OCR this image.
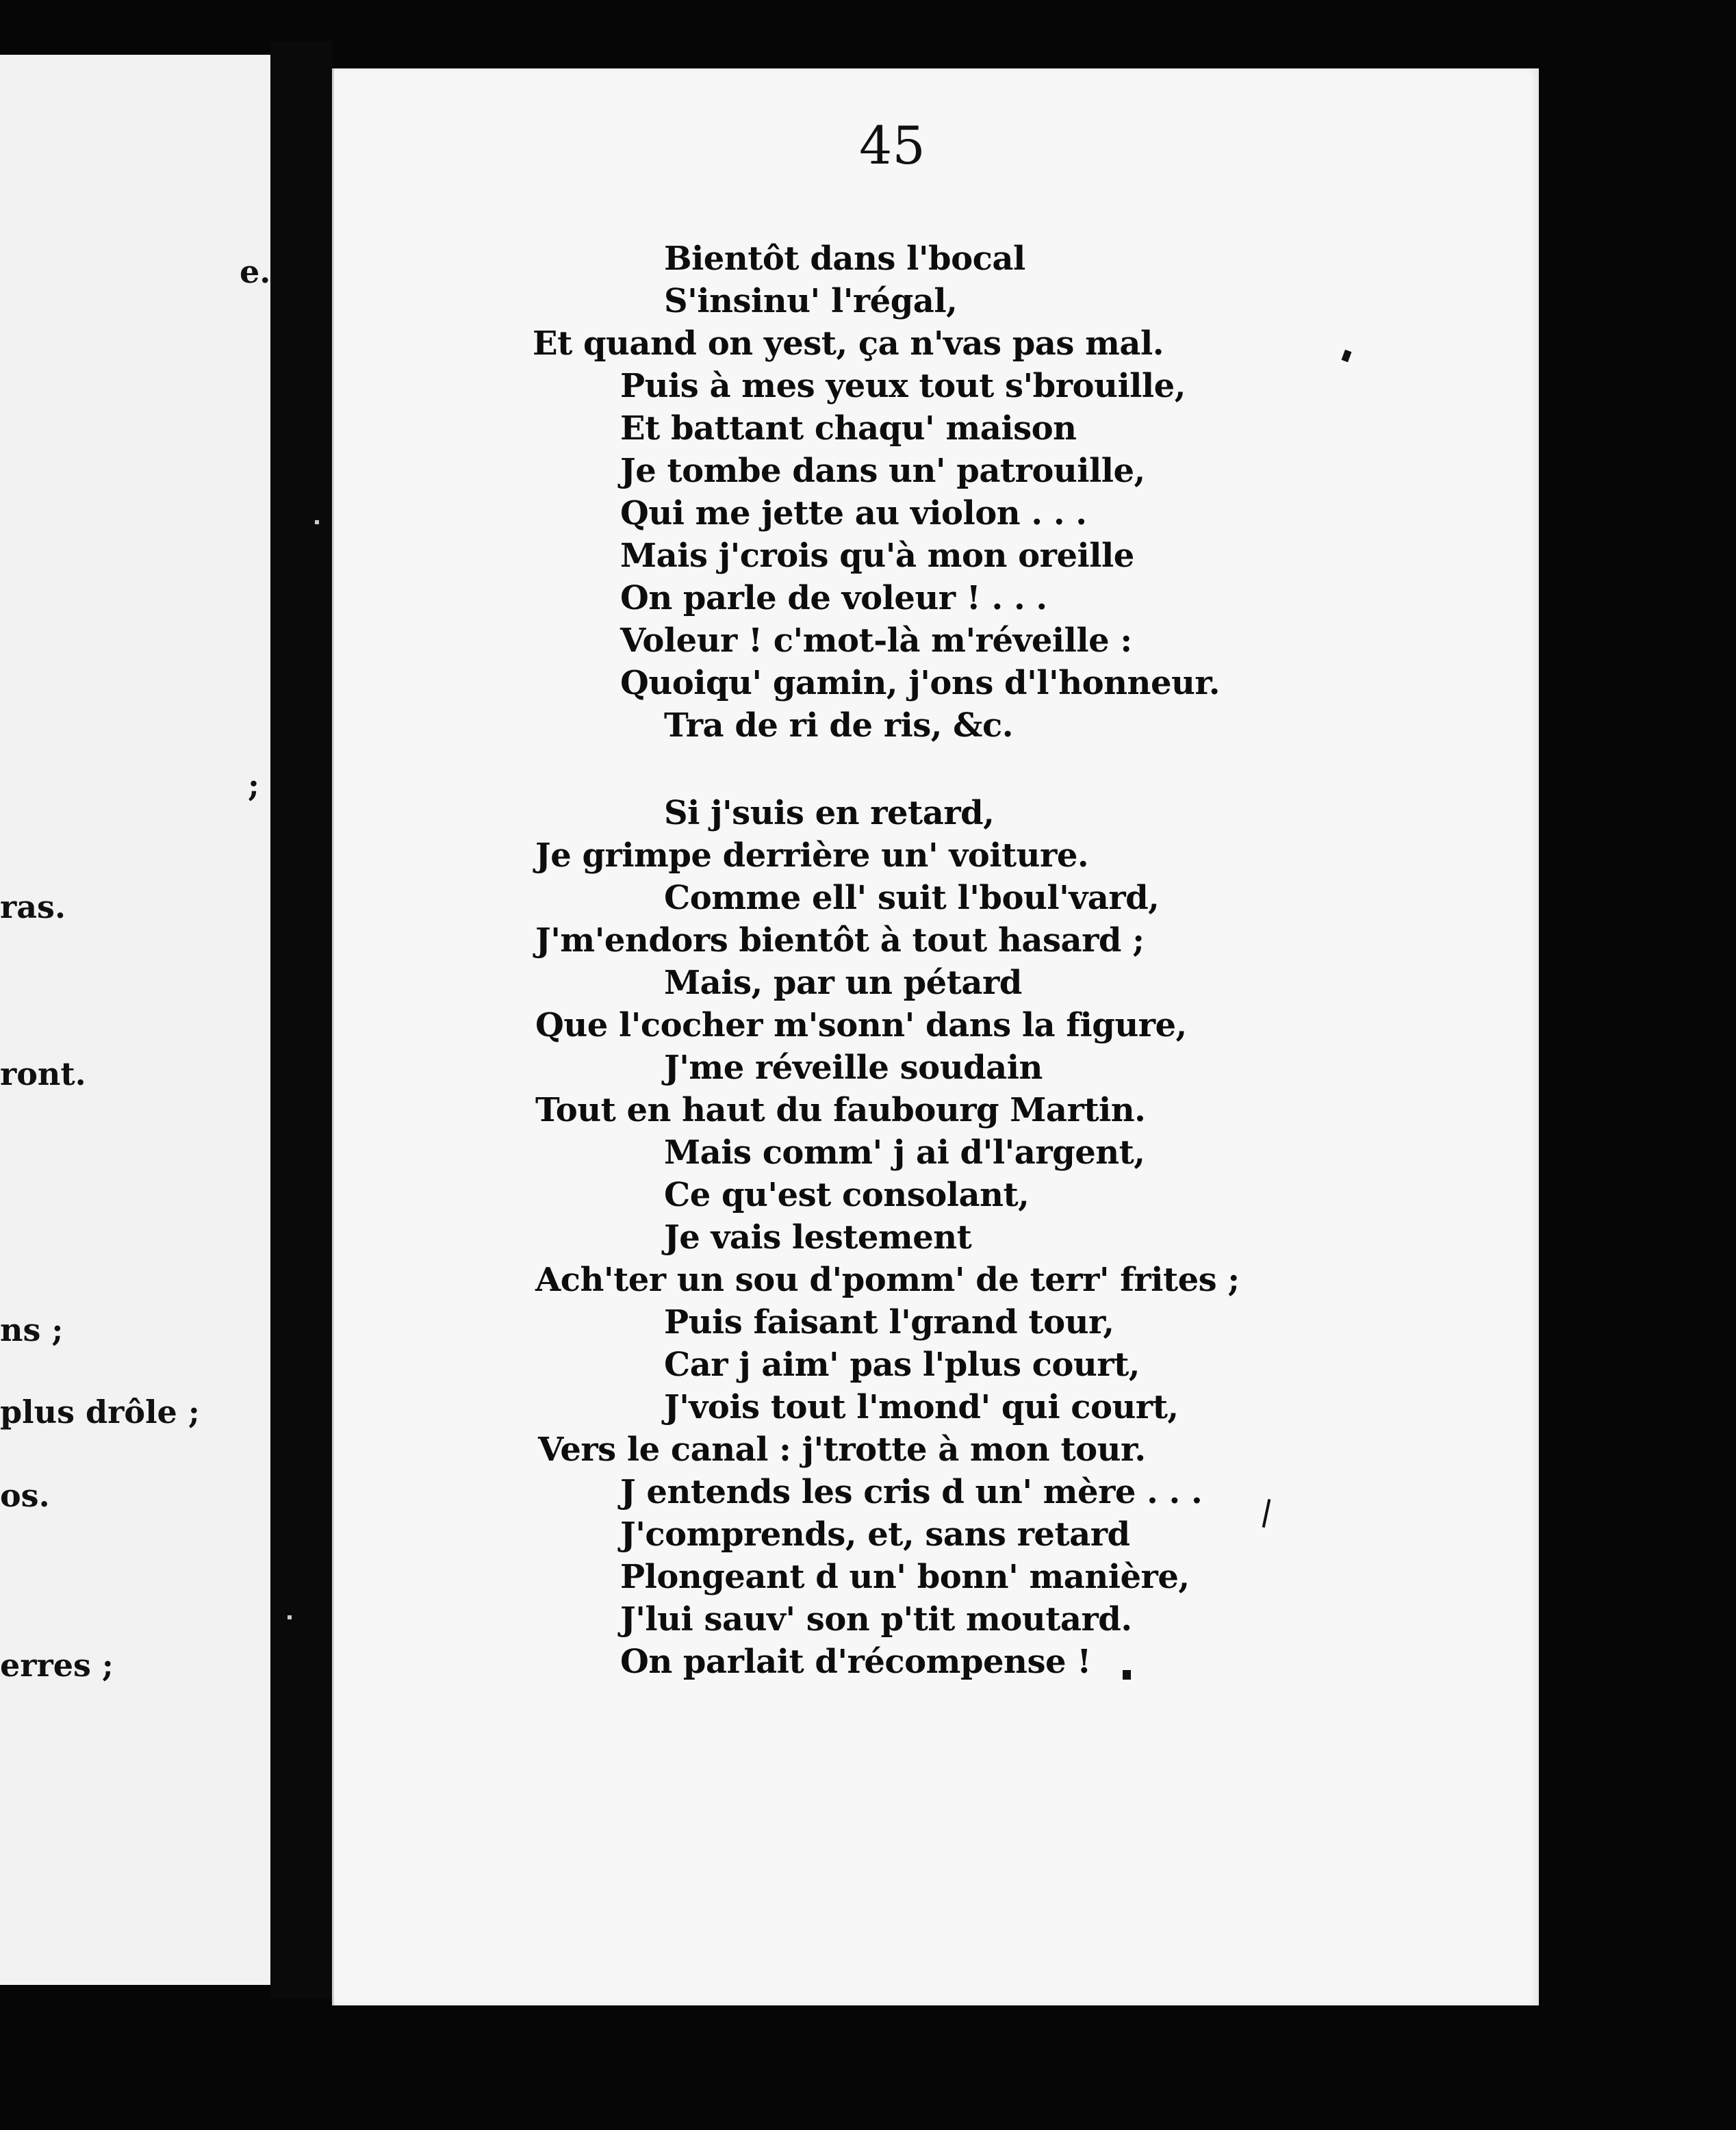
e.
;
ras.
ront.
ns ;
plus drôle ;
os.
erres ;
45
Bientôt dans l'bocal
S'insinu' l'régal,
Et quand on yest, ça n'vas pas mal.
Puis à mes yeux tout s'brouille,
Et battant chaqu' maison
Je tombe dans un' patrouille,
Qui me jette au violon . . .
Mais j'crois qu'à mon oreille
On parle de voleur ! . . .
Voleur ! c'mot-là m'réveille :
Quoiqu' gamin, j'ons d'l'honneur.
Tra de ri de ris, &c.
Si j'suis en retard,
Je grimpe derrière un' voiture.
Comme ell' suit l'boul'vard,
J'm'endors bientôt à tout hasard ;
Mais, par un pétard
Que l'cocher m'sonn' dans la figure,
J'me réveille soudain
Tout en haut du faubourg Martin.
Mais comm' j ai d'l'argent,
Ce qu'est consolant,
Je vais lestement
Ach'ter un sou d'pomm' de terr' frites ;
Puis faisant l'grand tour,
Car j aim' pas l'plus court,
J'vois tout l'mond' qui court,
Vers le canal : j'trotte à mon tour.
J entends les cris d un' mère . . .
J'comprends, et, sans retard
Plongeant d un' bonn' manière,
J'lui sauv' son p'tit moutard.
On parlait d'récompense !
